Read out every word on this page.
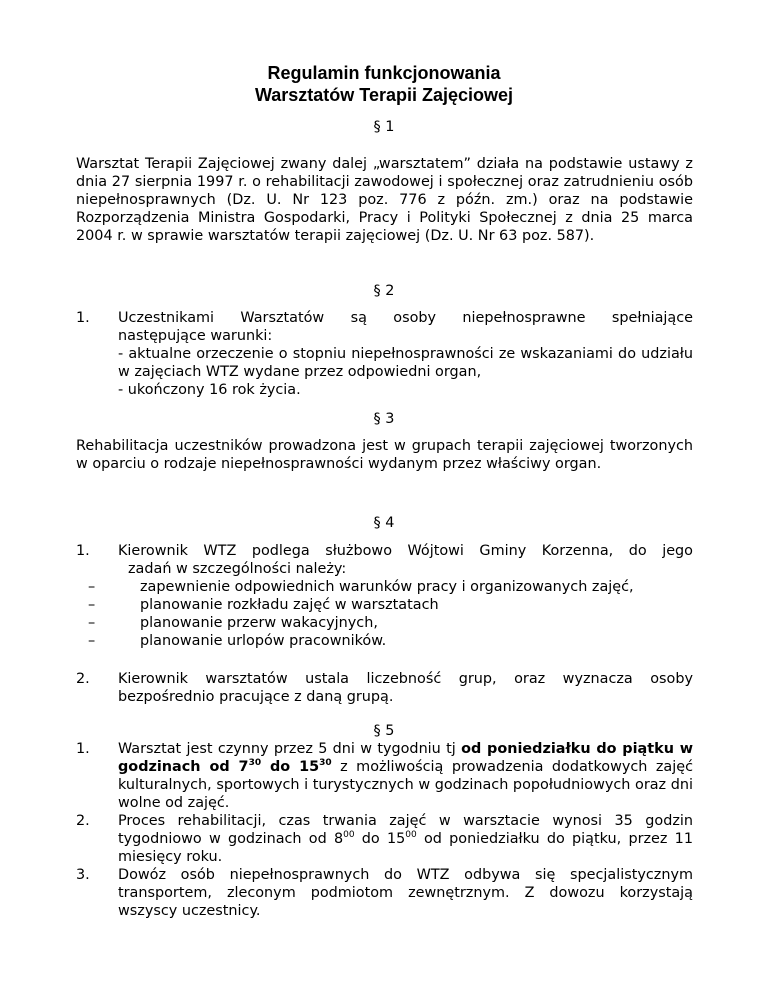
Regulamin funkcjonowania
Warsztatów Terapii Zajęciowej
§ 1
Warsztat Terapii Zajęciowej zwany dalej „warsztatem” działa na podstawie ustawy z dnia 27 sierpnia 1997 r. o rehabilitacji zawodowej i społecznej oraz zatrudnieniu osób niepełnosprawnych (Dz. U. Nr 123 poz. 776 z późn. zm.) oraz na podstawie Rozporządzenia Ministra Gospodarki, Pracy i Polityki Społecznej z dnia 25 marca 2004 r. w sprawie warsztatów terapii zajęciowej (Dz. U. Nr 63 poz. 587).
§ 2
1. Uczestnikami Warsztatów są osoby niepełnosprawne spełniające
następujące warunki:
- aktualne orzeczenie o stopniu niepełnosprawności ze wskazaniami do udziału w zajęciach WTZ wydane przez odpowiedni organ,
- ukończony 16 rok życia.
§ 3
Rehabilitacja uczestników prowadzona jest w grupach terapii zajęciowej tworzonych w oparciu o rodzaje niepełnosprawności wydanym przez właściwy organ.
§ 4
1. Kierownik WTZ podlega służbowo Wójtowi Gminy Korzenna, do jego
zadań w szczególności należy:
–	zapewnienie odpowiednich warunków pracy i organizowanych zajęć,
–	planowanie rozkładu zajęć w warsztatach
–	planowanie przerw wakacyjnych,
–	planowanie urlopów pracowników.
2. Kierownik warsztatów ustala liczebność grup, oraz wyznacza osoby bezpośrednio pracujące z daną grupą.
§ 5
1. Warsztat jest czynny przez 5 dni w tygodniu tj od poniedziałku do piątku w godzinach od $7^{30}$ do $15^{30}$ z możliwością prowadzenia dodatkowych zajęć kulturalnych, sportowych i turystycznych w godzinach popołudniowych oraz dni wolne od zajęć.
2. Proces rehabilitacji, czas trwania zajęć w warsztacie wynosi 35 godzin tygodniowo w godzinach od $8^{00}$ do $15^{00}$ od poniedziałku do piątku, przez 11 miesięcy roku.
3. Dowóz osób niepełnosprawnych do WTZ odbywa się specjalistycznym transportem, zleconym podmiotom zewnętrznym. Z dowozu korzystają wszyscy uczestnicy.
